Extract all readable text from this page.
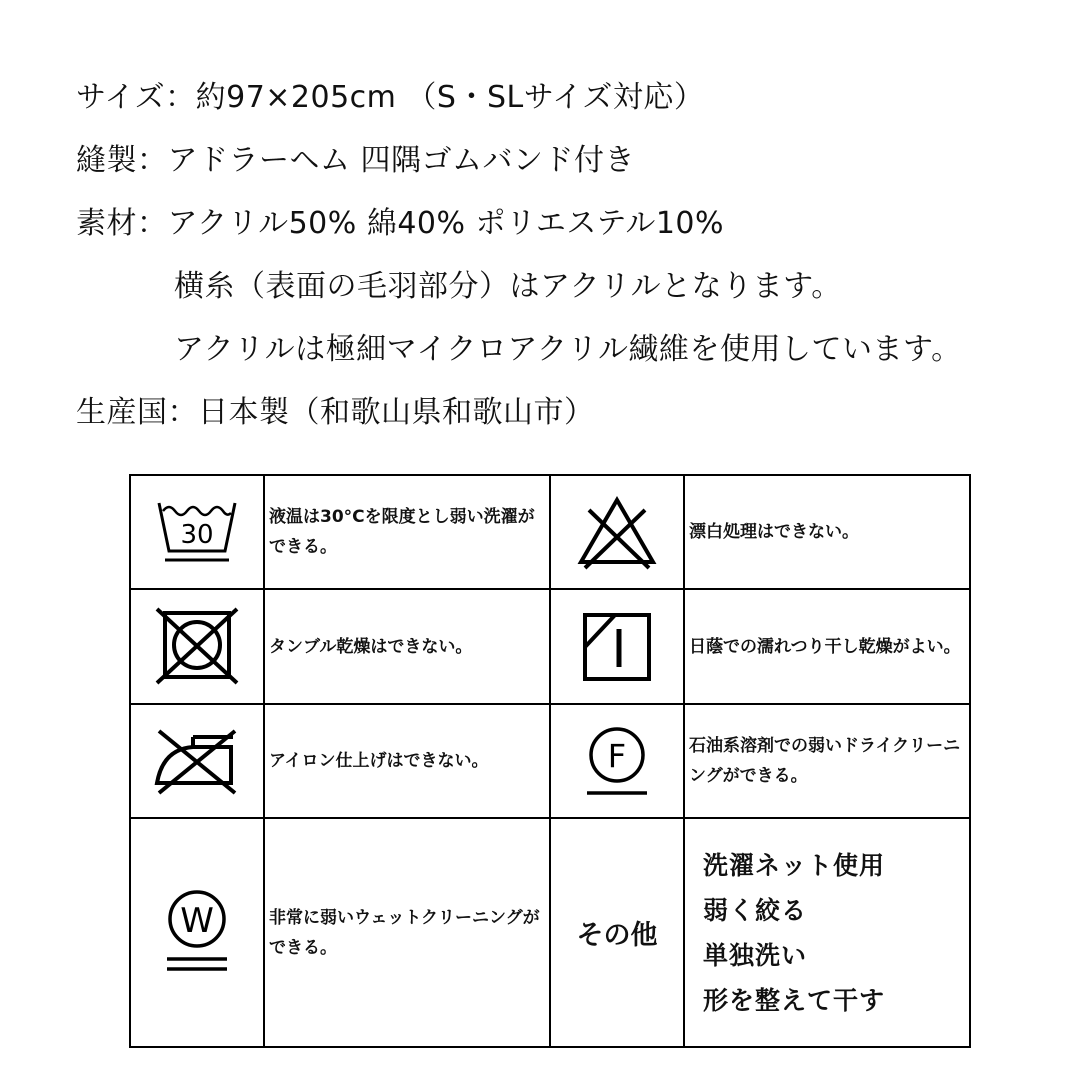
サイズ： 約97×205cm （S・SLサイズ対応）
縫製： アドラーヘム 四隅ゴムバンド付き
素材： アクリル50% 綿40% ポリエステル10%
横糸（表面の毛羽部分）はアクリルとなります。
アクリルは極細マイクロアクリル繊維を使用しています。
生産国： 日本製（和歌山県和歌山市）
30	液温は30°Cを限度とし弱い洗濯ができる。		漂白処理はできない。

	タンブル乾燥はできない。		日蔭での濡れつり干し乾燥がよい。

	アイロン仕上げはできない。	F	石油系溶剤での弱いドライクリーニングができる。

W	非常に弱いウェットクリーニングができる。	その他	洗濯ネット使用
弱く絞る
単独洗い
形を整えて干す
